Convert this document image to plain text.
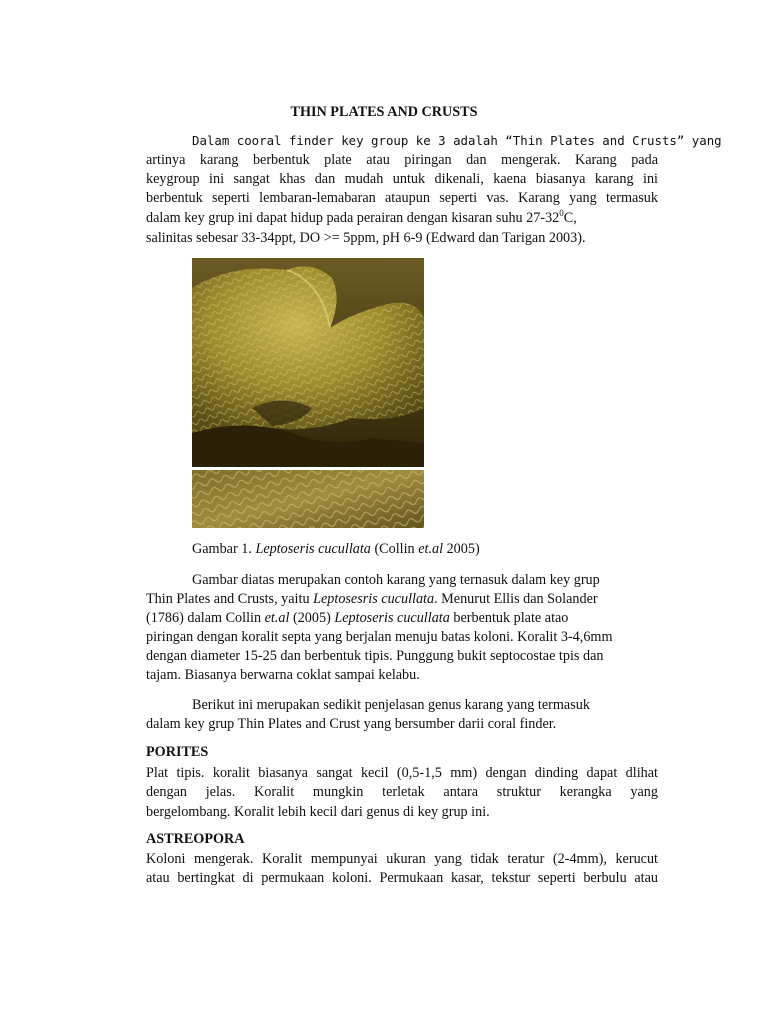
THIN PLATES AND CRUSTS
Dalam cooral finder key group ke 3 adalah “Thin Plates and Crusts” yang
artinya karang berbentuk plate atau piringan dan mengerak. Karang pada
keygroup ini sangat khas dan mudah untuk dikenali, kaena biasanya karang ini
berbentuk seperti lembaran-lemabaran ataupun seperti vas. Karang yang termasuk
dalam key grup ini dapat hidup pada perairan dengan kisaran suhu $27-32^0C$,
salinitas sebesar 33-34ppt, DO >= 5ppm, pH 6-9 (Edward dan Tarigan 2003).
Gambar 1. Leptoseris cucullata (Collin et.al 2005)
Gambar diatas merupakan contoh karang yang ternasuk dalam key grup
Thin Plates and Crusts, yaitu Leptosesris cucullata. Menurut Ellis dan Solander
(1786) dalam Collin et.al (2005) Leptoseris cucullata berbentuk plate atao
piringan dengan koralit septa yang berjalan menuju batas koloni. Koralit 3-4,6mm
dengan diameter 15-25 dan berbentuk tipis. Punggung bukit septocostae tpis dan
tajam. Biasanya berwarna coklat sampai kelabu.
Berikut ini merupakan sedikit penjelasan genus karang yang termasuk
dalam key grup Thin Plates and Crust yang bersumber darii coral finder.
PORITES
Plat tipis. koralit biasanya sangat kecil (0,5-1,5 mm) dengan dinding dapat dlihat
dengan jelas. Koralit mungkin terletak antara struktur kerangka yang
bergelombang. Koralit lebih kecil dari genus di key grup ini.
ASTREOPORA
Koloni mengerak. Koralit mempunyai ukuran yang tidak teratur (2-4mm), kerucut
atau bertingkat di permukaan koloni. Permukaan kasar, tekstur seperti berbulu atau
